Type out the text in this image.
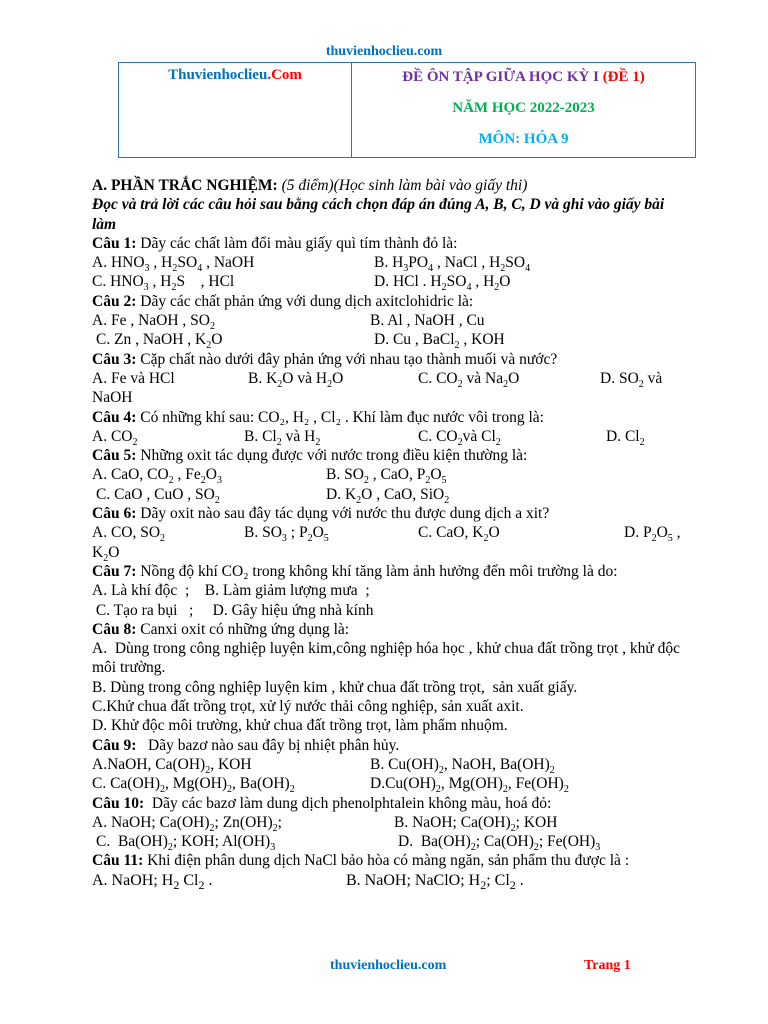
thuvienhoclieu.com
Thuvienhoclieu.Com	ĐỀ ÔN TẬP GIỮA HỌC KỲ I (ĐỀ 1)
NĂM HỌC 2022-2023
MÔN: HÓA 9
A. PHẦN TRẮC NGHIỆM: (5 điểm)(Học sinh làm bài vào giấy thi)
Đọc và trả lời các câu hỏi sau bằng cách chọn đáp án đúng A, B, C, D và ghi vào giấy bài làm
Câu 1: Dãy các chất làm đổi màu giấy quì tím thành đỏ là:
A. $HNO_3$ , $H_2SO_4$ , NaOH	B. $H_3PO_4$ , NaCl , $H_2SO_4$
C. $HNO_3$ , $H_2S$    , HCl	D. HCl . $H_2SO_4$ , $H_2O$
Câu 2: Dãy các chất phản ứng với dung dịch axitclohidric là:
A. Fe , NaOH , $SO_2$	B. Al , NaOH , Cu
C. Zn , NaOH , $K_2O$	D. Cu , BaCl$_2$ , KOH
Câu 3: Cặp chất nào dưới đây phản ứng với nhau tạo thành muối và nước?
A. Fe và HCl	B. $K_2O$ và $H_2O$	C. $CO_2$ và $Na_2O$	D. $SO_2$ và
NaOH
Câu 4: Có những khí sau: CO₂, H₂ , Cl₂ . Khí làm đục nước vôi trong là:
A. $CO_2$	B. $Cl_2$ và $H_2$	C. $CO_2và$ $Cl_2$	D. $Cl_2$
Câu 5: Những oxit tác dụng được với nước trong điều kiện thường là:
A. CaO, $CO_2$ , $Fe_2O_3$	B. $SO_2$ , CaO, $P_2O_5$
C. CaO , CuO , $SO_2$	D. $K_2O$ , CaO, SiO$_2$
Câu 6: Dãy oxit nào sau đây tác dụng với nước thu được dung dịch a xit?
A. CO, $SO_2$	B. $SO_3$ ; $P_2O_5$	C. CaO, $K_2O$	D. $P_2O_5$ ,
$K_2O$
Câu 7: Nồng độ khí CO₂ trong không khí tăng làm ảnh hưởng đến môi trường là do:
A. Là khí độc  ;    B. Làm giảm lượng mưa  ;
C. Tạo ra bụi   ;     D. Gây hiệu ứng nhà kính
Câu 8: Canxi oxit có những ứng dụng là:
A.  Dùng trong công nghiệp luyện kim,công nghiệp hóa học , khử chua đất trồng trọt , khử độc môi trường.
B. Dùng trong công nghiệp luyện kim , khử chua đất trồng trọt,  sản xuất giấy.
C.Khử chua đất trồng trọt, xử lý nước thải công nghiệp, sản xuất axit.
D. Khử độc môi trường, khử chua đất trồng trọt, làm phẩm nhuộm.
Câu 9: Dãy bazơ nào sau đây bị nhiệt phân hủy.
A.NaOH, $Ca(OH)_2$, KOH	B. $Cu(OH)_2$, NaOH, $Ba(OH)_2$
C. $Ca(OH)_2$, $Mg(OH)_2$, $Ba(OH)_2$	$D.Cu(OH)_2$, $Mg(OH)_2$, $Fe(OH)_2$
Câu 10: Dãy các bazơ làm dung dịch phenolphtalein không màu, hoá đỏ:
A. NaOH; $Ca(OH)_2$; $Zn(OH)_2$;	B. NaOH; $Ca(OH)_2$; KOH
C.  $Ba(OH)_2$; KOH; $Al(OH)_3$	D.  $Ba(OH)_2$; $Ca(OH)_2$; $Fe(OH)_3$
Câu 11: Khi điện phân dung dịch NaCl bảo hòa có màng ngăn, sản phẩm thu được là :
A. NaOH; $H_2$ $Cl_2$ .	B. NaOH; NaClO; $H_2$; $Cl_2$ .
thuvienhoclieu.com	Trang 1
